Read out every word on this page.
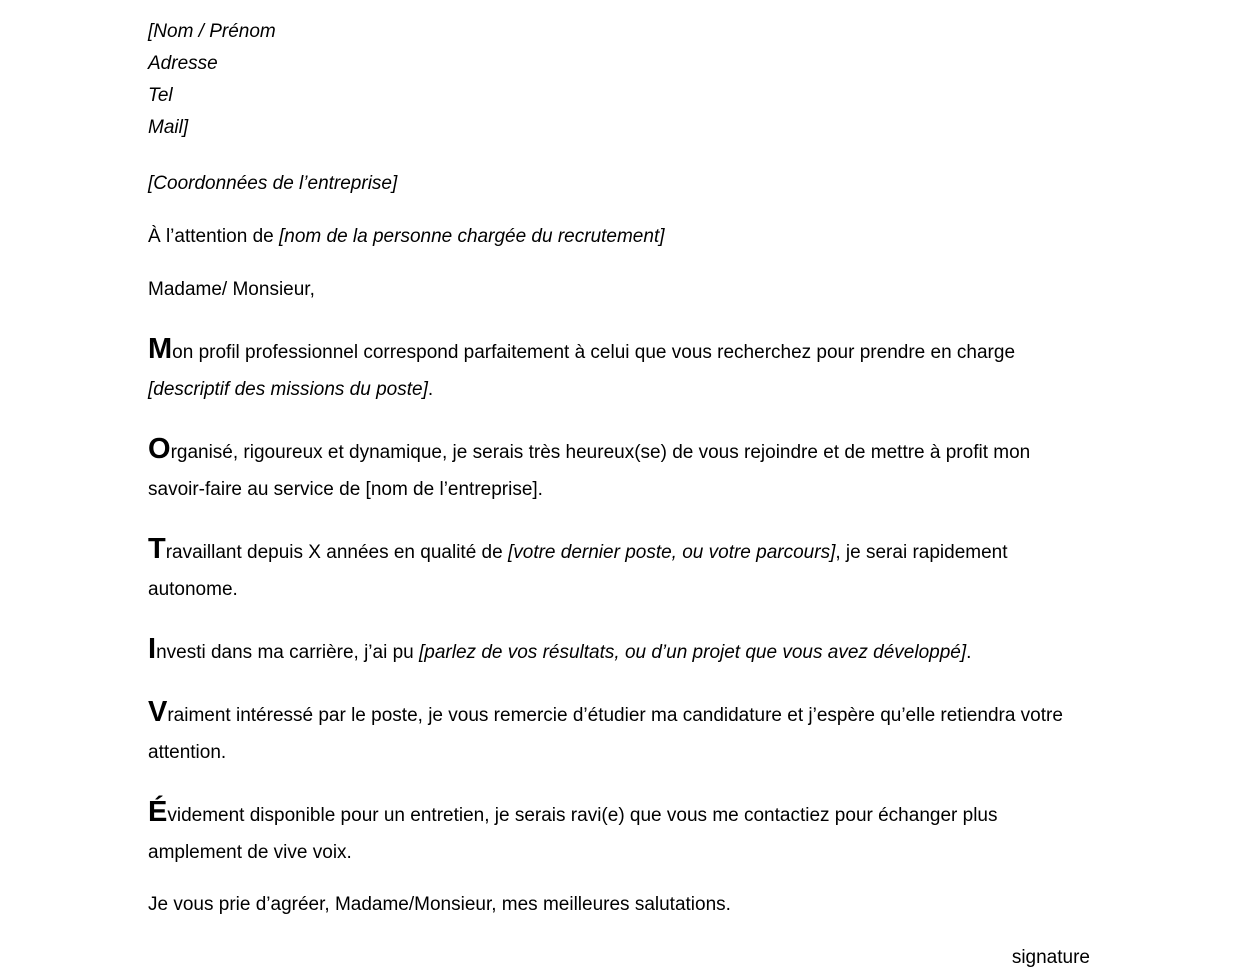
[Nom / Prénom
Adresse
Tel
Mail]

[Coordonnées de l’entreprise]

À l’attention de [nom de la personne chargée du recrutement]

Madame/ Monsieur,

Mon profil professionnel correspond parfaitement à celui que vous recherchez pour prendre en charge [descriptif des missions du poste].

Organisé, rigoureux et dynamique, je serais très heureux(se) de vous rejoindre et de mettre à profit mon savoir-faire au service de [nom de l’entreprise].

Travaillant depuis X années en qualité de [votre dernier poste, ou votre parcours], je serai rapidement autonome.

Investi dans ma carrière, j’ai pu [parlez de vos résultats, ou d’un projet que vous avez développé].

Vraiment intéressé par le poste, je vous remercie d’étudier ma candidature et j’espère qu’elle retiendra votre attention.

Évidement disponible pour un entretien, je serais ravi(e) que vous me contactiez pour échanger plus amplement de vive voix.

Je vous prie d’agréer, Madame/Monsieur, mes meilleures salutations.

signature
